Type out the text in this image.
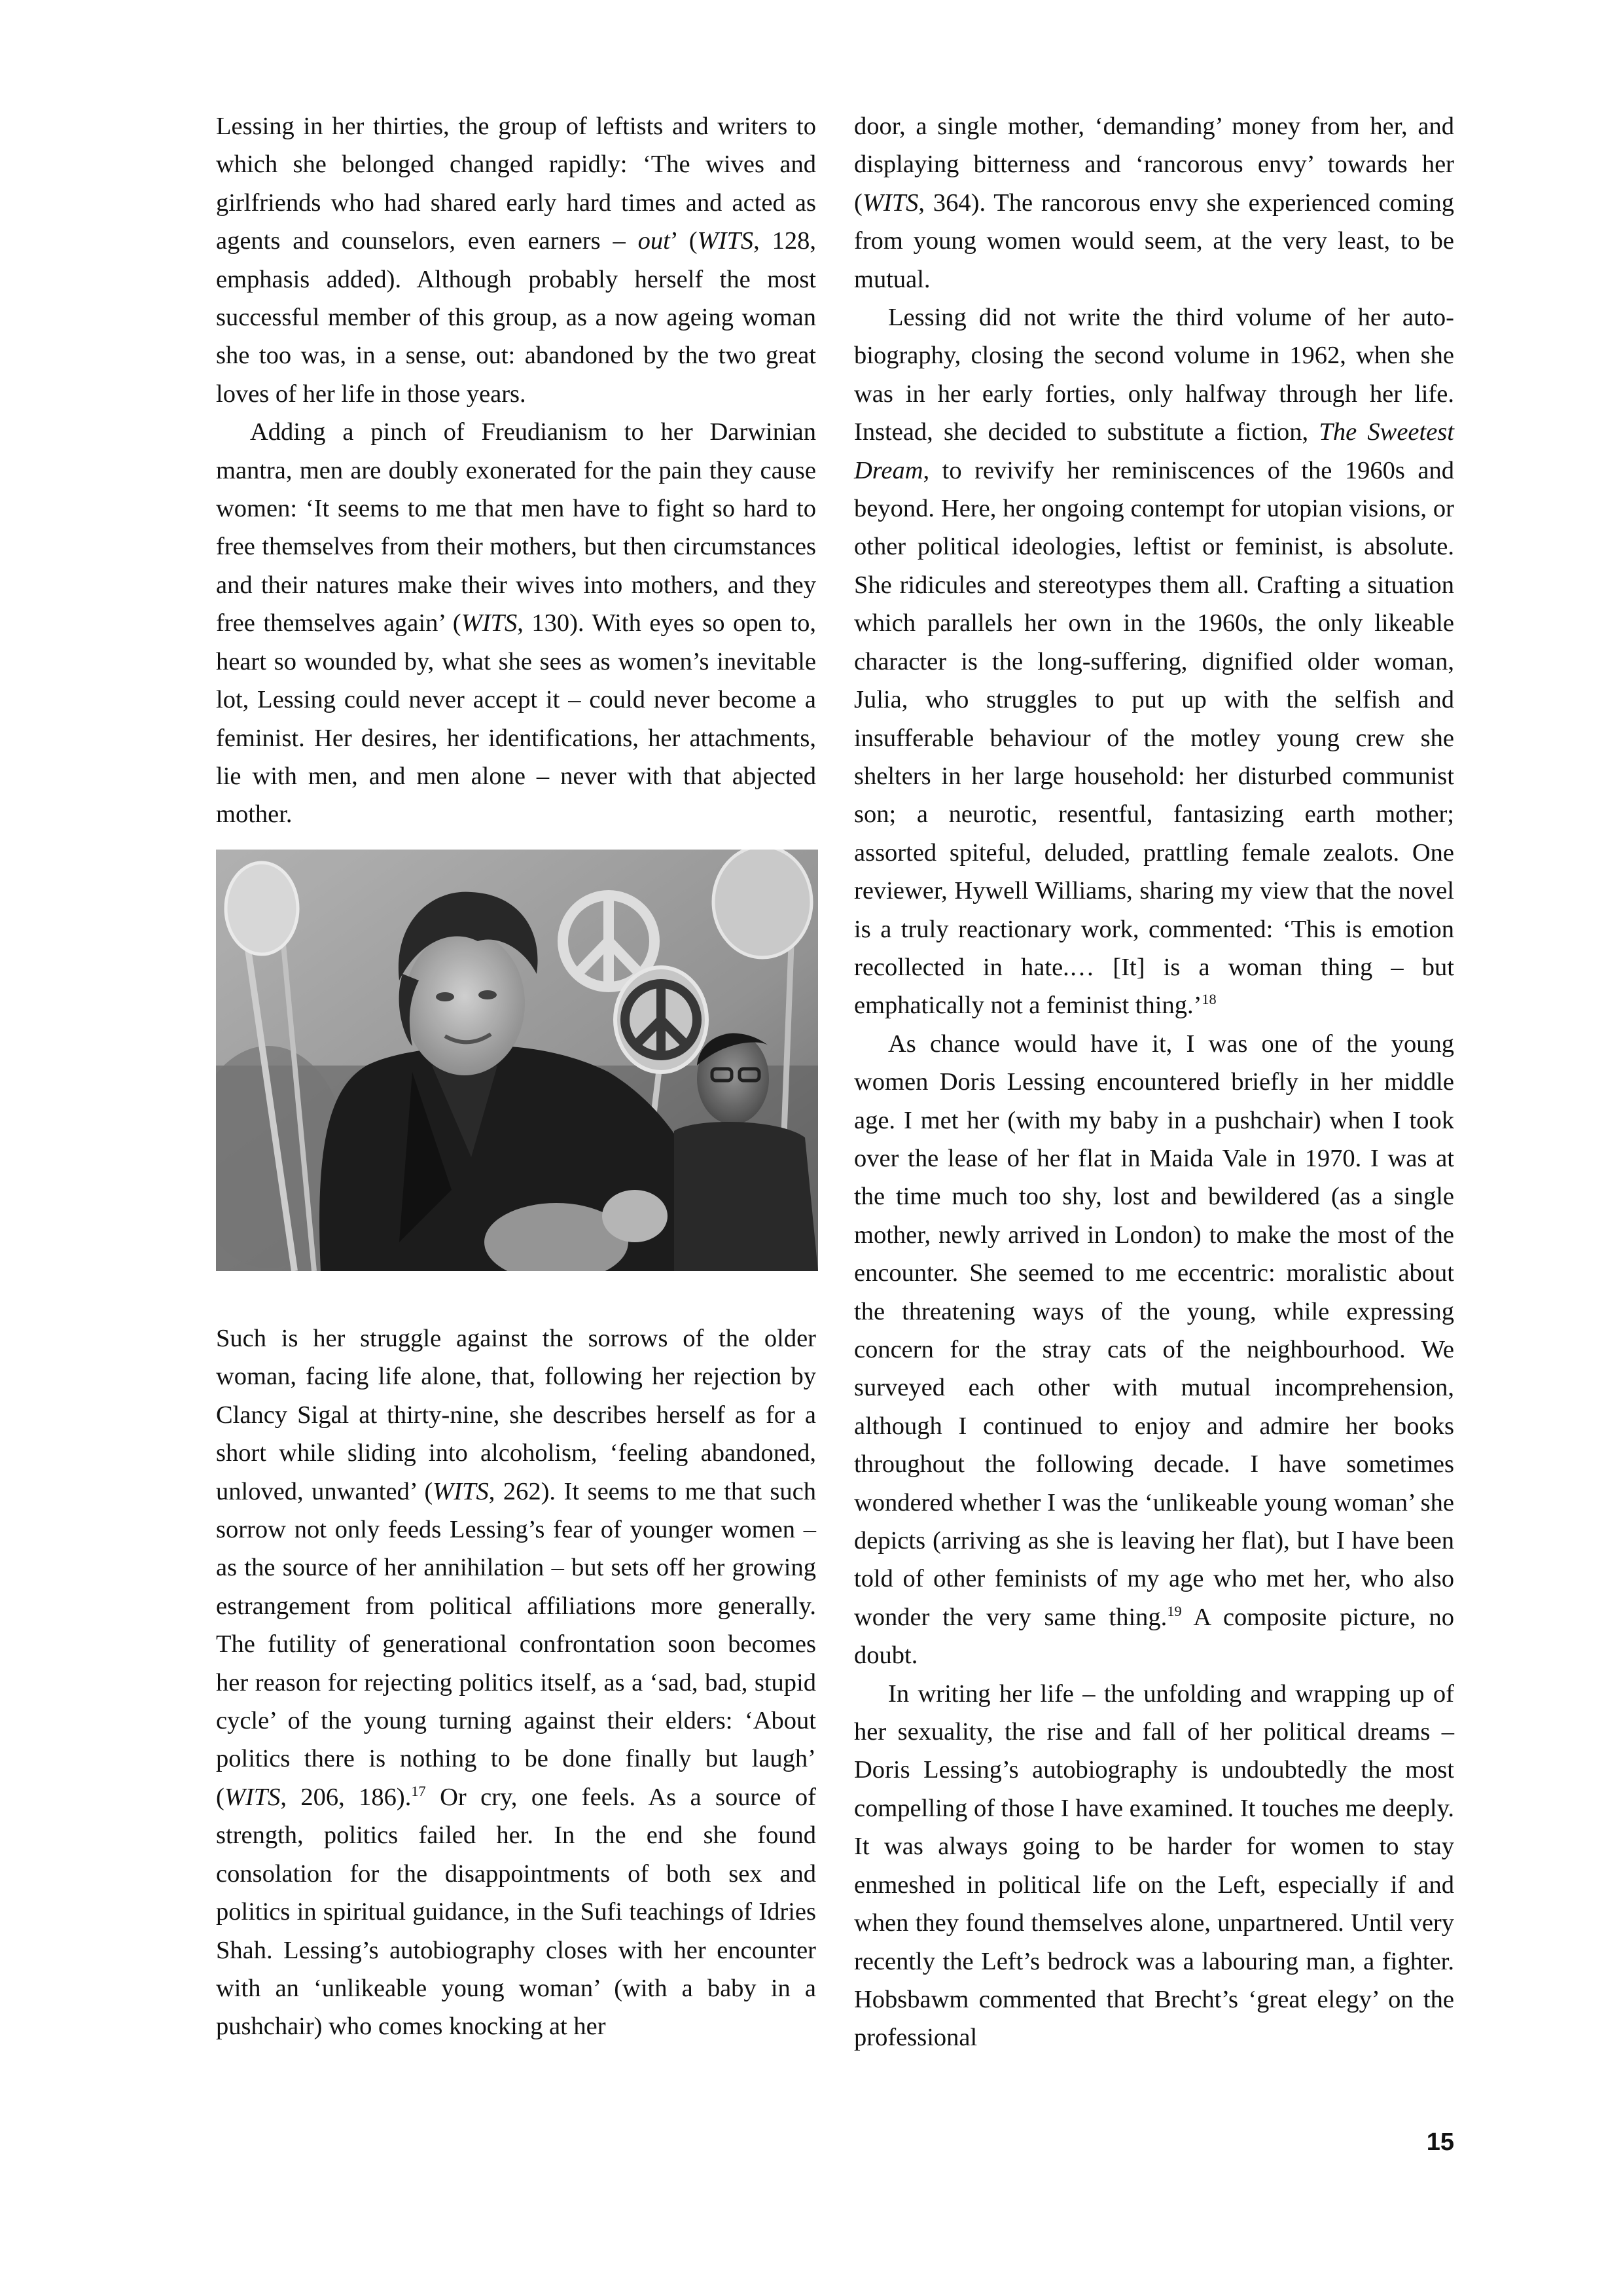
Lessing in her thirties, the group of leftists and writers to which she belonged changed rapidly: ‘The wives and girlfriends who had shared early hard times and acted as agents and counselors, even earners – out’ (WITS, 128, emphasis added). Although probably herself the most successful member of this group, as a now ageing woman she too was, in a sense, out: abandoned by the two great loves of her life in those years.

Adding a pinch of Freudianism to her Darwinian mantra, men are doubly exonerated for the pain they cause women: ‘It seems to me that men have to fight so hard to free themselves from their mothers, but then circumstances and their natures make their wives into mothers, and they free themselves again’ (WITS, 130). With eyes so open to, heart so wounded by, what she sees as women’s inevitable lot, Lessing could never accept it – could never become a feminist. Her desires, her identifications, her attachments, lie with men, and men alone – never with that abjected mother.

Such is her struggle against the sorrows of the older woman, facing life alone, that, following her rejection by Clancy Sigal at thirty-nine, she describes herself as for a short while sliding into alcoholism, ‘feeling abandoned, unloved, unwanted’ (WITS, 262). It seems to me that such sorrow not only feeds Lessing’s fear of younger women – as the source of her annihilation – but sets off her growing estrangement from political affiliations more generally. The futility of generational confrontation soon becomes her reason for rejecting politics itself, as a ‘sad, bad, stupid cycle’ of the young turning against their elders: ‘About politics there is nothing to be done finally but laugh’ (WITS, 206, 186).$^{17}$ Or cry, one feels. As a source of strength, politics failed her. In the end she found consolation for the disappointments of both sex and politics in spiritual guidance, in the Sufi teachings of Idries Shah. Lessing’s autobiography closes with her encounter with an ‘unlikeable young woman’ (with a baby in a pushchair) who comes knocking at her

door, a single mother, ‘demanding’ money from her, and displaying bitterness and ‘rancorous envy’ towards her (WITS, 364). The rancorous envy she experienced coming from young women would seem, at the very least, to be mutual.

Lessing did not write the third volume of her autobiography, closing the second volume in 1962, when she was in her early forties, only halfway through her life. Instead, she decided to substitute a fiction, The Sweetest Dream, to revivify her reminiscences of the 1960s and beyond. Here, her ongoing contempt for utopian visions, or other political ideologies, leftist or feminist, is absolute. She ridicules and stereotypes them all. Crafting a situation which parallels her own in the 1960s, the only likeable character is the long-suffering, dignified older woman, Julia, who struggles to put up with the selfish and insufferable behaviour of the motley young crew she shelters in her large household: her disturbed communist son; a neurotic, resentful, fantasizing earth mother; assorted spiteful, deluded, prattling female zealots. One reviewer, Hywell Williams, sharing my view that the novel is a truly reactionary work, commented: ‘This is emotion recollected in hate.… [It] is a woman thing – but emphatically not a feminist thing.’$^{18}$

As chance would have it, I was one of the young women Doris Lessing encountered briefly in her middle age. I met her (with my baby in a pushchair) when I took over the lease of her flat in Maida Vale in 1970. I was at the time much too shy, lost and bewildered (as a single mother, newly arrived in London) to make the most of the encounter. She seemed to me eccentric: moralistic about the threatening ways of the young, while expressing concern for the stray cats of the neighbourhood. We surveyed each other with mutual incomprehension, although I continued to enjoy and admire her books throughout the following decade. I have sometimes wondered whether I was the ‘unlikeable young woman’ she depicts (arriving as she is leaving her flat), but I have been told of other feminists of my age who met her, who also wonder the very same thing.$^{19}$ A composite picture, no doubt.

In writing her life – the unfolding and wrapping up of her sexuality, the rise and fall of her political dreams – Doris Lessing’s autobiography is undoubtedly the most compelling of those I have examined. It touches me deeply. It was always going to be harder for women to stay enmeshed in political life on the Left, especially if and when they found themselves alone, unpartnered. Until very recently the Left’s bedrock was a labouring man, a fighter. Hobsbawm commented that Brecht’s ‘great elegy’ on the professional

15
